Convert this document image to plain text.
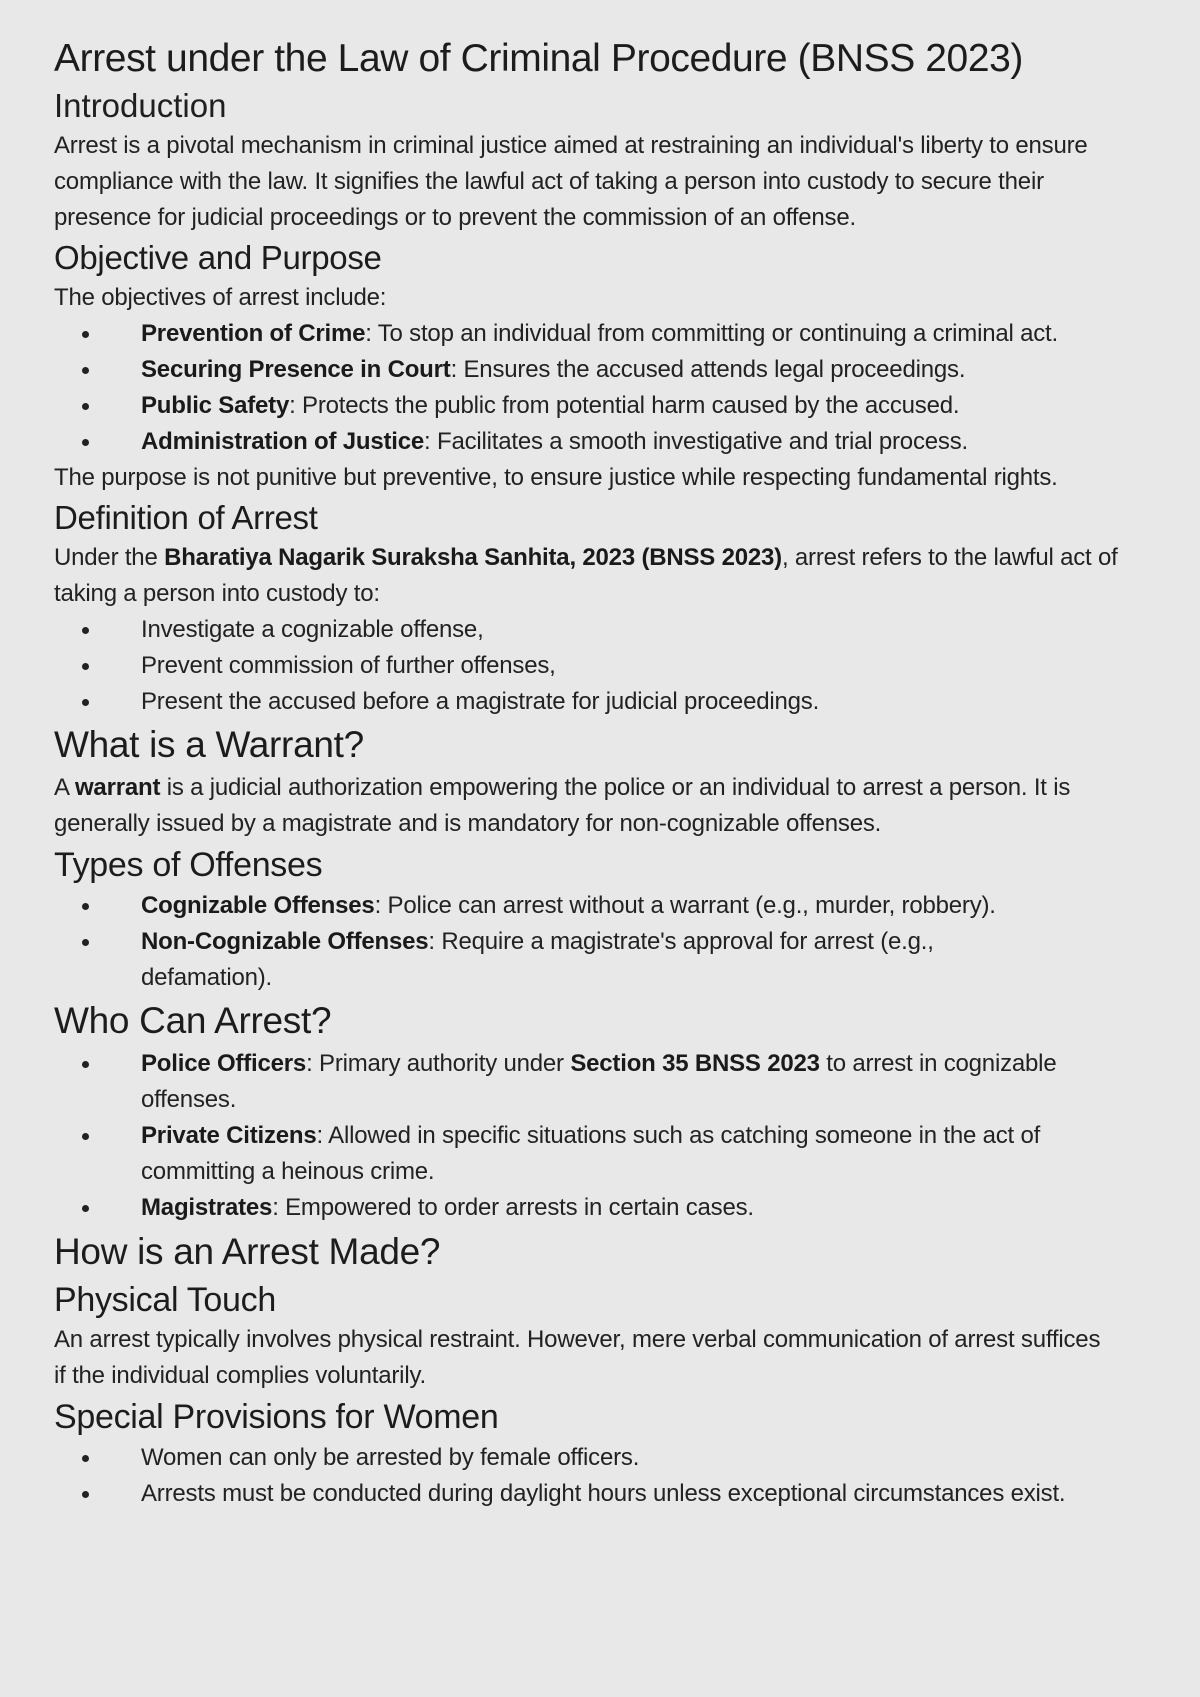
Arrest under the Law of Criminal Procedure (BNSS 2023)
Introduction

Arrest is a pivotal mechanism in criminal justice aimed at restraining an individual's liberty to ensure compliance with the law. It signifies the lawful act of taking a person into custody to secure their presence for judicial proceedings or to prevent the commission of an offense.

Objective and Purpose

The objectives of arrest include:

Prevention of Crime: To stop an individual from committing or continuing a criminal act.
Securing Presence in Court: Ensures the accused attends legal proceedings.
Public Safety: Protects the public from potential harm caused by the accused.
Administration of Justice: Facilitates a smooth investigative and trial process.

The purpose is not punitive but preventive, to ensure justice while respecting fundamental rights.

Definition of Arrest

Under the Bharatiya Nagarik Suraksha Sanhita, 2023 (BNSS 2023), arrest refers to the lawful act of taking a person into custody to:

Investigate a cognizable offense,
Prevent commission of further offenses,
Present the accused before a magistrate for judicial proceedings.
What is a Warrant?

A warrant is a judicial authorization empowering the police or an individual to arrest a person. It is generally issued by a magistrate and is mandatory for non-cognizable offenses.

Types of Offenses
Cognizable Offenses: Police can arrest without a warrant (e.g., murder, robbery).
Non-Cognizable Offenses: Require a magistrate's approval for arrest (e.g., defamation).
Who Can Arrest?
Police Officers: Primary authority under Section 35 BNSS 2023 to arrest in cognizable offenses.
Private Citizens: Allowed in specific situations such as catching someone in the act of committing a heinous crime.
Magistrates: Empowered to order arrests in certain cases.
How is an Arrest Made?
Physical Touch

An arrest typically involves physical restraint. However, mere verbal communication of arrest suffices if the individual complies voluntarily.

Special Provisions for Women
Women can only be arrested by female officers.
Arrests must be conducted during daylight hours unless exceptional circumstances exist.
